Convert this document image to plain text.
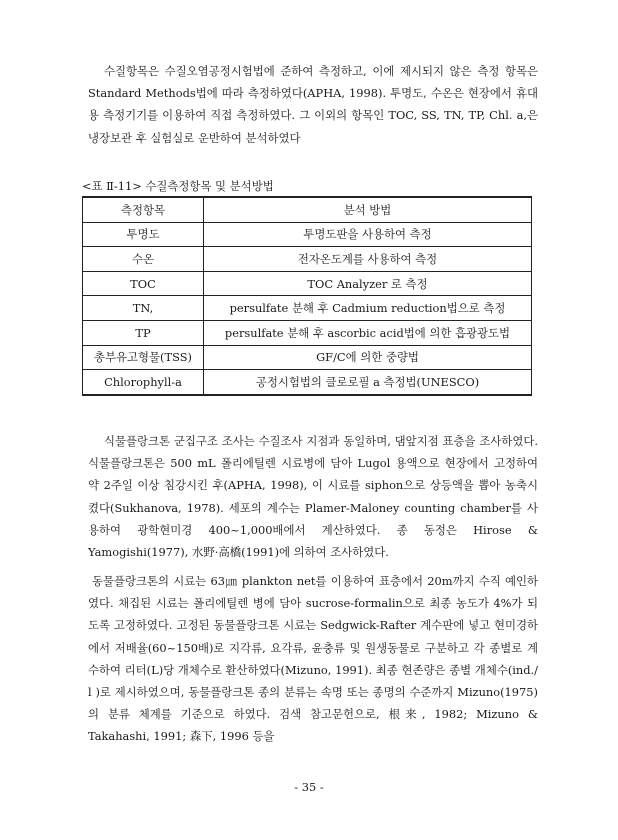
수질항목은 수질오염공정시험법에 준하여 측정하고, 이에 제시되지 않은 측정 항목은 Standard Methods법에 따라 측정하였다(APHA, 1998). 투명도, 수온은 현장에서 휴대용 측정기기를 이용하여 직접 측정하였다. 그 이외의 항목인 TOC, SS, TN, TP, Chl. a,은 냉장보관 후 실험실로 운반하여 분석하였다

<표 Ⅱ-11> 수질측정항목 및 분석방법
측정항목	분석 방법
투명도	투명도판을 사용하여 측정
수온	전자온도계를 사용하여 측정
TOC	TOC Analyzer 로 측정
TN,	persulfate 분해 후 Cadmium reduction법으로 측정
TP	persulfate 분해 후 ascorbic acid법에 의한 흡광광도법
총부유고형물(TSS)	GF/C에 의한 중량법
Chlorophyll-a	공정시험법의 클로로필 a 측정법(UNESCO)

식물플랑크톤 군집구조 조사는 수질조사 지점과 동일하며, 댐앞지점 표층을 조사하였다. 식물플랑크톤은 500 mL 폴리에틸렌 시료병에 담아 Lugol 용액으로 현장에서 고정하여 약 2주일 이상 침강시킨 후(APHA, 1998), 이 시료를 siphon으로 상등액을 뽑아 농축시켰다(Sukhanova, 1978). 세포의 계수는 Plamer-Maloney counting chamber를 사용하여 광학현미경 400~1,000배에서 계산하였다. 종 동정은 Hirose & Yamogishi(1977), 水野·高橋(1991)에 의하여 조사하였다.

동물플랑크톤의 시료는 63㎛ plankton net를 이용하여 표층에서 20m까지 수직 예인하였다. 채집된 시료는 폴리에틸렌 병에 담아 sucrose-formalin으로 최종 농도가 4%가 되도록 고정하였다. 고정된 동물플랑크톤 시료는 Sedgwick-Rafter 계수판에 넣고 현미경하에서 저배율(60~150배)로 지각류, 요각류, 윤충류 및 원생동물로 구분하고 각 종별로 계수하여 리터(L)당 개체수로 환산하였다(Mizuno, 1991). 최종 현존량은 종별 개체수(ind./ l )로 제시하였으며, 동물플랑크톤 종의 분류는 속명 또는 종명의 수준까지 Mizuno(1975)의 분류 체계를 기준으로 하였다. 검색 참고문헌으로, 根来, 1982; Mizuno & Takahashi, 1991; 森下, 1996 등을

- 35 -
